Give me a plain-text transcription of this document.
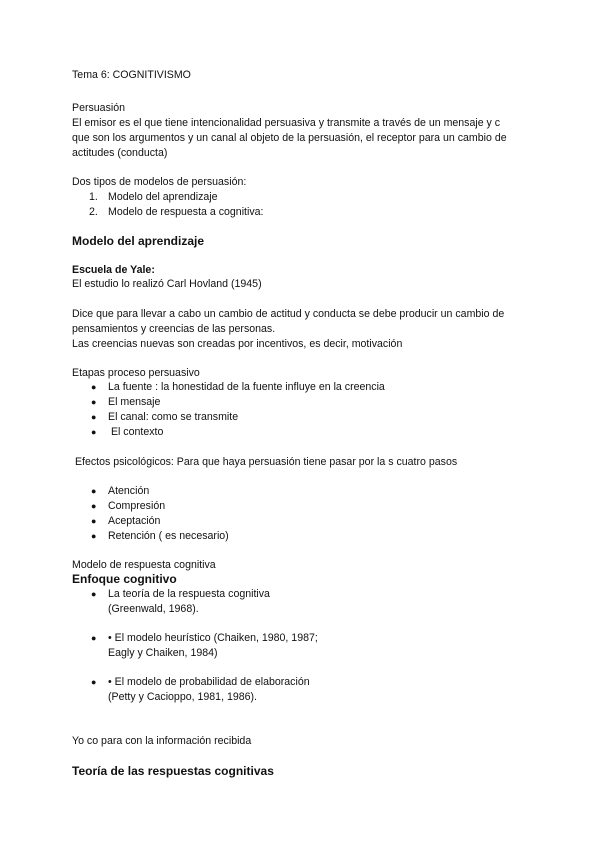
Tema 6: COGNITIVISMO
Persuasión
El emisor es el que tiene intencionalidad persuasiva y transmite a través de un mensaje y c
que son los argumentos y un canal al objeto de la persuasión, el receptor para un cambio de
actitudes (conducta)
Dos tipos de modelos de persuasión:
1. Modelo del aprendizaje
2. Modelo de respuesta a cognitiva:
Modelo del aprendizaje
Escuela de Yale:
El estudio lo realizó Carl Hovland (1945)
Dice que para llevar a cabo un cambio de actitud y conducta se debe producir un cambio de
pensamientos y creencias de las personas.
Las creencias nuevas son creadas por incentivos, es decir, motivación
Etapas proceso persuasivo
● La fuente : la honestidad de la fuente influye en la creencia
● El mensaje
● El canal: como se transmite
● El contexto
Efectos psicológicos: Para que haya persuasión tiene pasar por la s cuatro pasos
● Atención
● Compresión
● Aceptación
● Retención ( es necesario)
Modelo de respuesta cognitiva
Enfoque cognitivo
● La teoría de la respuesta cognitiva
(Greenwald, 1968).
● • El modelo heurístico (Chaiken, 1980, 1987;
Eagly y Chaiken, 1984)
● • El modelo de probabilidad de elaboración
(Petty y Cacioppo, 1981, 1986).
Yo co para con la información recibida
Teoría de las respuestas cognitivas
